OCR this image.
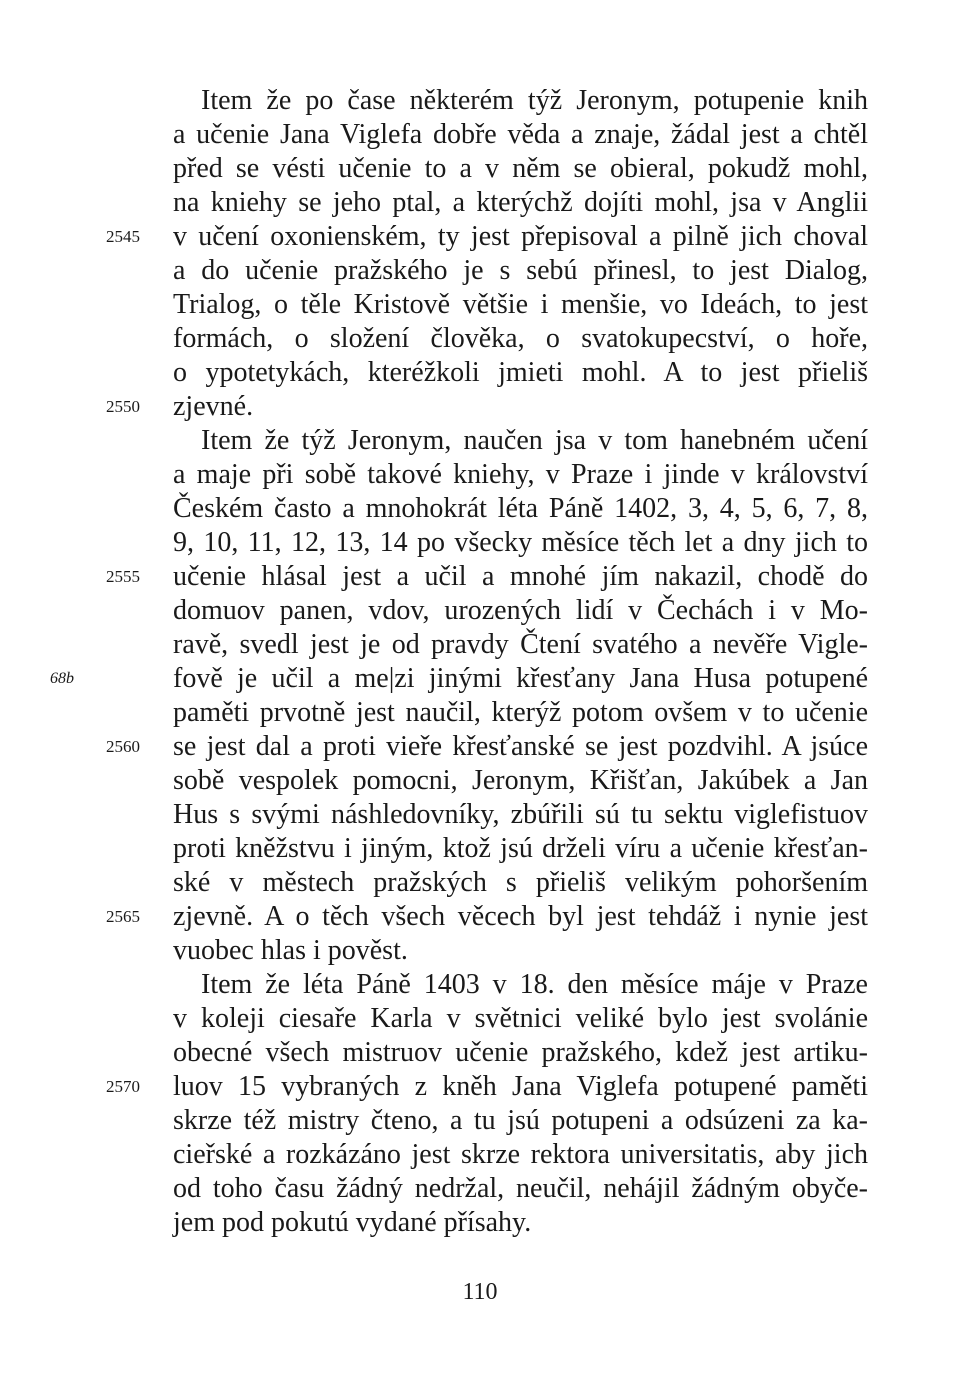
Item že po čase některém týž Jeronym, potupenie knih
a učenie Jana Viglefa dobře věda a znaje, žádal jest a chtěl
před se vésti učenie to a v něm se obieral, pokudž mohl,
na kniehy se jeho ptal, a kterýchž dojíti mohl, jsa v Anglii
v učení oxonienském, ty jest přepisoval a pilně jich choval
a do učenie pražského je s sebú přinesl, to jest Dialog,
Trialog, o těle Kristově většie i menšie, vo Ideách, to jest
formách, o složení člověka, o svatokupecství, o hoře,
o ypotetykách, kteréžkoli jmieti mohl. A to jest přieliš
zjevné.
Item že týž Jeronym, naučen jsa v tom hanebném učení
a maje při sobě takové kniehy, v Praze i jinde v království
Českém často a mnohokrát léta Páně 1402, 3, 4, 5, 6, 7, 8,
9, 10, 11, 12, 13, 14 po všecky měsíce těch let a dny jich to
učenie hlásal jest a učil a mnohé jím nakazil, chodě do
domuov panen, vdov, urozených lidí v Čechách i v Mo-
ravě, svedl jest je od pravdy Čtení svatého a nevěře Vigle-
fově je učil a me|zi jinými křesťany Jana Husa potupené
paměti prvotně jest naučil, kterýž potom ovšem v to učenie
se jest dal a proti vieře křesťanské se jest pozdvihl. A jsúce
sobě vespolek pomocni, Jeronym, Křišťan, Jakúbek a Jan
Hus s svými náshledovníky, zbúřili sú tu sektu viglefistuov
proti kněžstvu i jiným, ktož jsú drželi víru a učenie křesťan-
ské v městech pražských s přieliš velikým pohoršením
zjevně. A o těch všech věcech byl jest tehdáž i nynie jest
vuobec hlas i pověst.
Item že léta Páně 1403 v 18. den měsíce máje v Praze
v koleji ciesaře Karla v světnici veliké bylo jest svolánie
obecné všech mistruov učenie pražského, kdež jest artiku-
luov 15 vybraných z kněh Jana Viglefa potupené paměti
skrze též mistry čteno, a tu jsú potupeni a odsúzeni za ka-
cieřské a rozkázáno jest skrze rektora universitatis, aby jich
od toho času žádný nedržal, neučil, nehájil žádným obyče-
jem pod pokutú vydané přísahy.
2545
2550
2555
2560
2565
2570
68b
110
